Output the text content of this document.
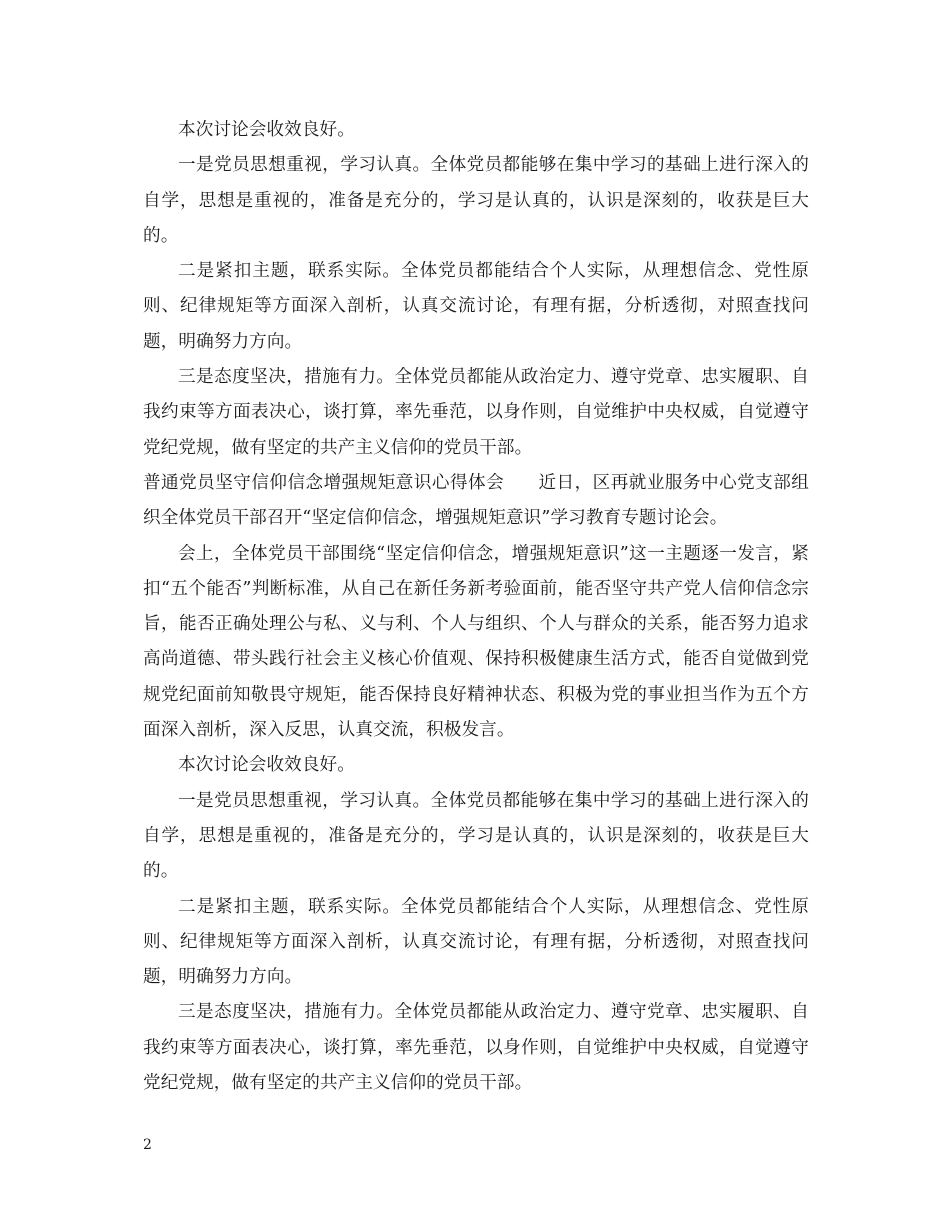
本次讨论会收效良好。

一是党员思想重视，学习认真。全体党员都能够在集中学习的基础上进行深入的自学，思想是重视的，准备是充分的，学习是认真的，认识是深刻的，收获是巨大的。

二是紧扣主题，联系实际。全体党员都能结合个人实际，从理想信念、党性原则、纪律规矩等方面深入剖析，认真交流讨论，有理有据，分析透彻，对照查找问题，明确努力方向。

三是态度坚决，措施有力。全体党员都能从政治定力、遵守党章、忠实履职、自我约束等方面表决心，谈打算，率先垂范，以身作则，自觉维护中央权威，自觉遵守党纪党规，做有坚定的共产主义信仰的党员干部。

普通党员坚守信仰信念增强规矩意识心得体会 近日，区再就业服务中心党支部组织全体党员干部召开“坚定信仰信念，增强规矩意识”学习教育专题讨论会。

会上，全体党员干部围绕“坚定信仰信念，增强规矩意识”这一主题逐一发言，紧扣“五个能否”判断标准，从自己在新任务新考验面前，能否坚守共产党人信仰信念宗旨，能否正确处理公与私、义与利、个人与组织、个人与群众的关系，能否努力追求高尚道德、带头践行社会主义核心价值观、保持积极健康生活方式，能否自觉做到党规党纪面前知敬畏守规矩，能否保持良好精神状态、积极为党的事业担当作为五个方面深入剖析，深入反思，认真交流，积极发言。

本次讨论会收效良好。

一是党员思想重视，学习认真。全体党员都能够在集中学习的基础上进行深入的自学，思想是重视的，准备是充分的，学习是认真的，认识是深刻的，收获是巨大的。

二是紧扣主题，联系实际。全体党员都能结合个人实际，从理想信念、党性原则、纪律规矩等方面深入剖析，认真交流讨论，有理有据，分析透彻，对照查找问题，明确努力方向。

三是态度坚决，措施有力。全体党员都能从政治定力、遵守党章、忠实履职、自我约束等方面表决心，谈打算，率先垂范，以身作则，自觉维护中央权威，自觉遵守党纪党规，做有坚定的共产主义信仰的党员干部。

2
